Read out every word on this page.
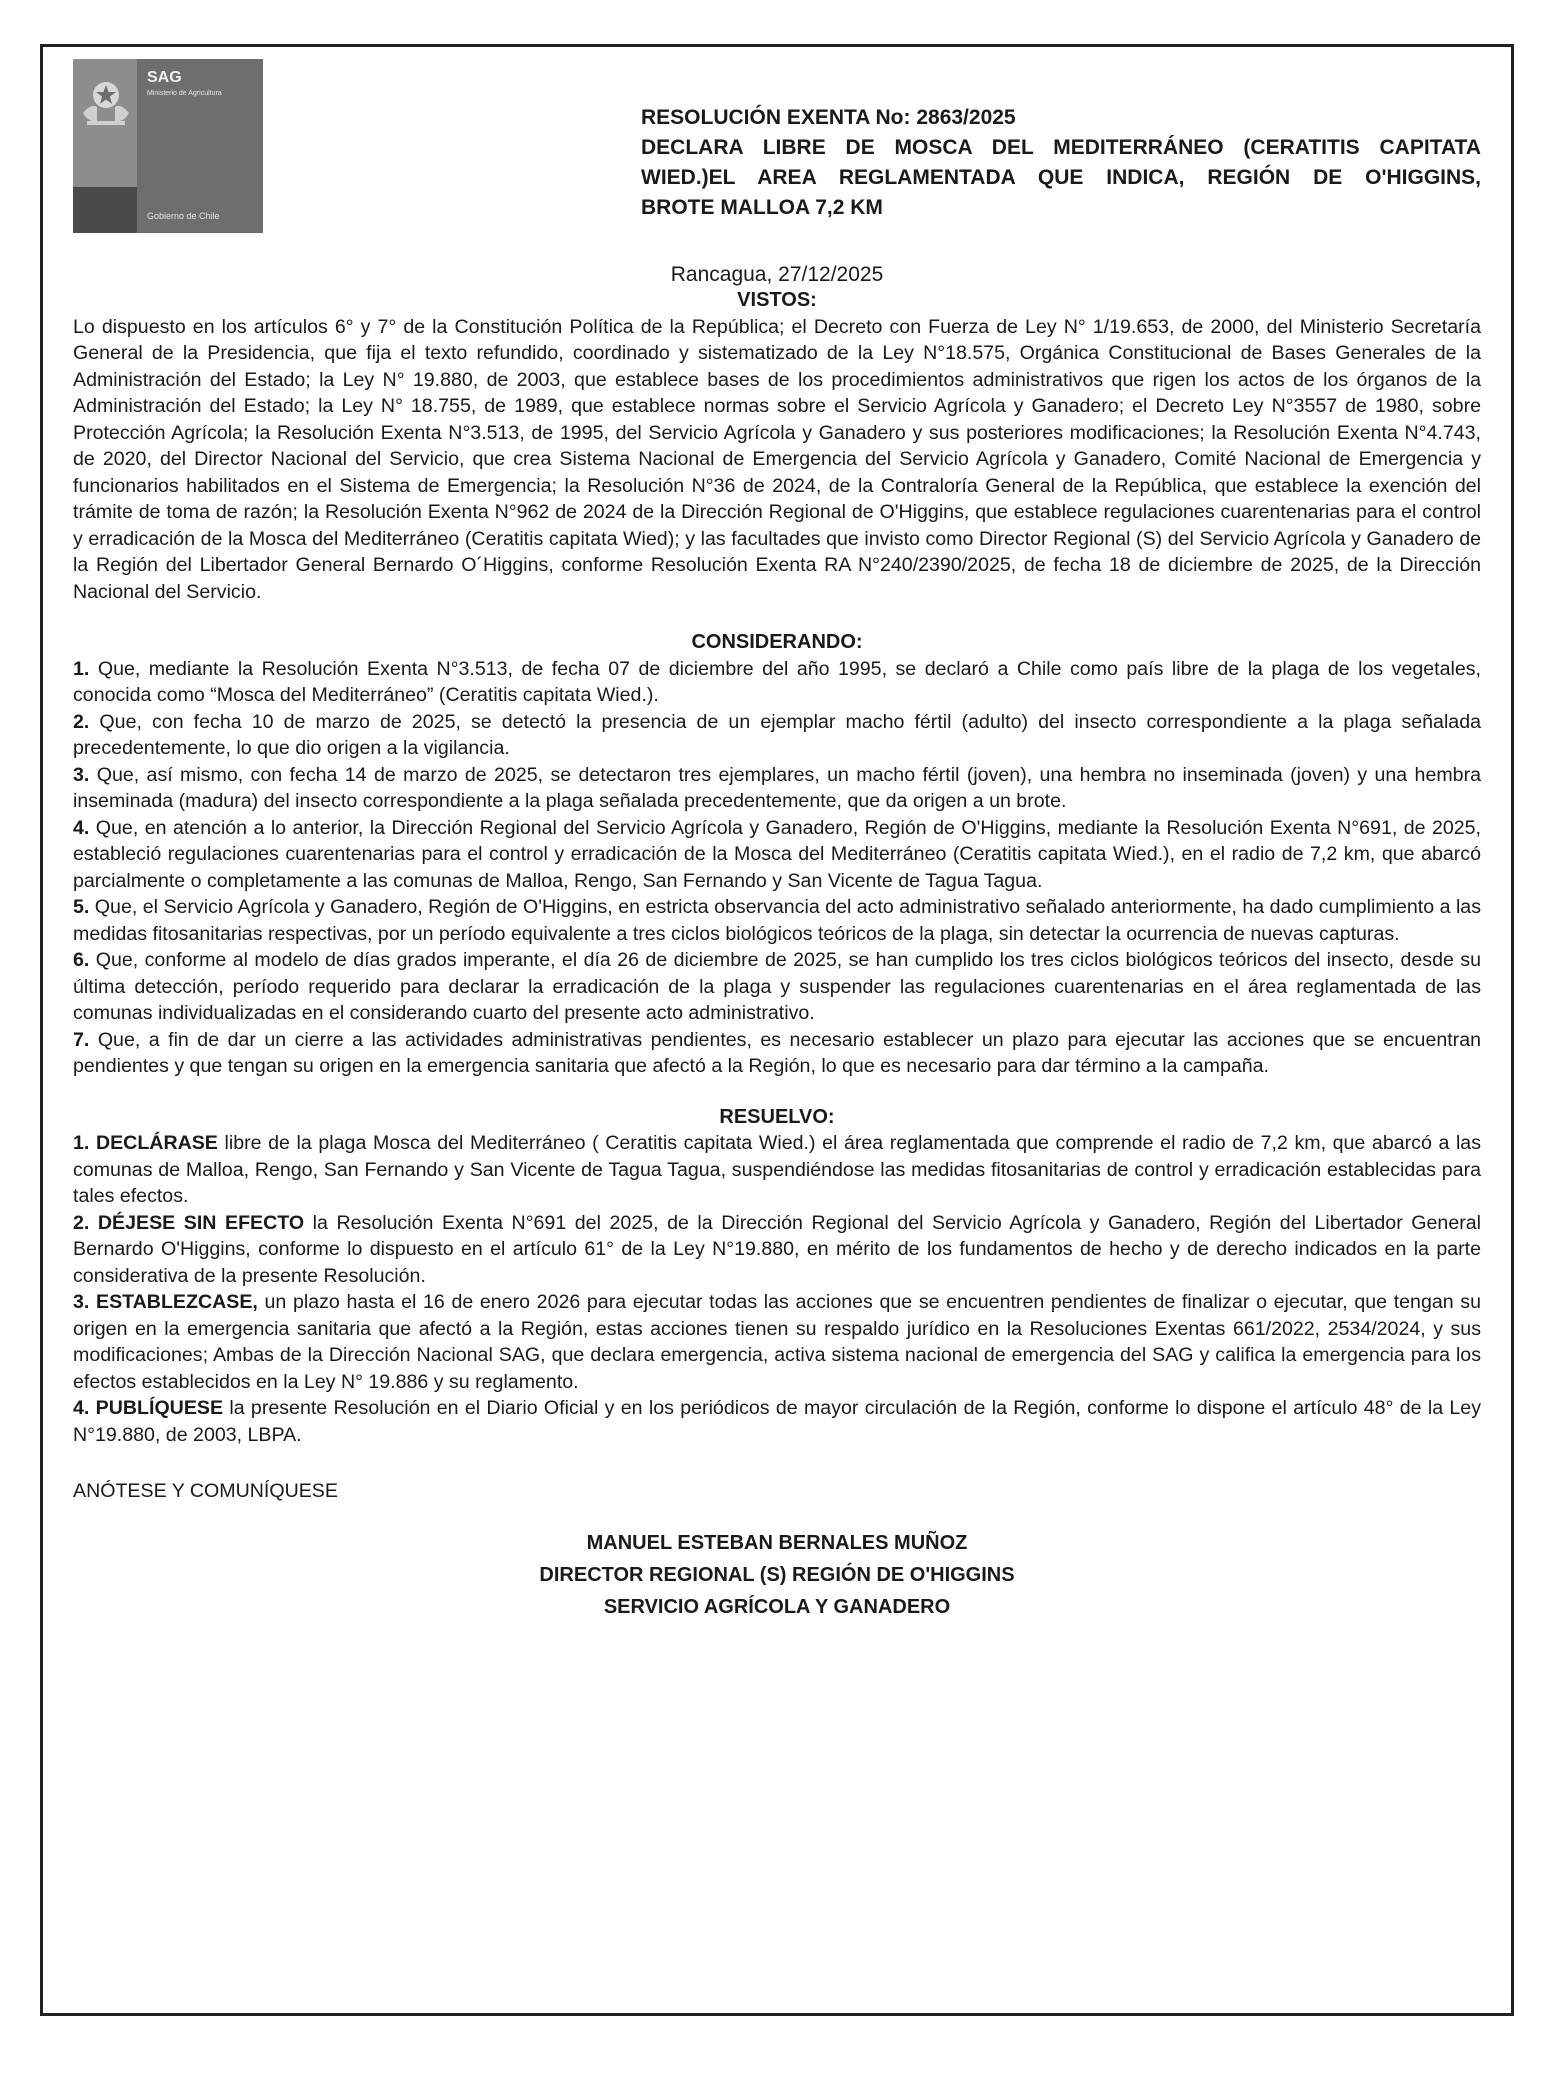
SAG
Ministerio de Agricultura
Gobierno de Chile
RESOLUCIÓN EXENTA No: 2863/2025
DECLARA LIBRE DE MOSCA DEL MEDITERRÁNEO (CERATITIS CAPITATA
WIED.)EL AREA REGLAMENTADA QUE INDICA, REGIÓN DE O'HIGGINS,
BROTE MALLOA 7,2 KM
Rancagua, 27/12/2025

VISTOS:

Lo dispuesto en los artículos 6° y 7° de la Constitución Política de la República; el Decreto con Fuerza de Ley N° 1/19.653, de 2000, del Ministerio Secretaría General de la Presidencia, que fija el texto refundido, coordinado y sistematizado de la Ley N°18.575, Orgánica Constitucional de Bases Generales de la Administración del Estado; la Ley N° 19.880, de 2003, que establece bases de los procedimientos administrativos que rigen los actos de los órganos de la Administración del Estado; la Ley N° 18.755, de 1989, que establece normas sobre el Servicio Agrícola y Ganadero; el Decreto Ley N°3557 de 1980, sobre Protección Agrícola; la Resolución Exenta N°3.513, de 1995, del Servicio Agrícola y Ganadero y sus posteriores modificaciones; la Resolución Exenta N°4.743, de 2020, del Director Nacional del Servicio, que crea Sistema Nacional de Emergencia del Servicio Agrícola y Ganadero, Comité Nacional de Emergencia y funcionarios habilitados en el Sistema de Emergencia; la Resolución N°36 de 2024, de la Contraloría General de la República, que establece la exención del trámite de toma de razón; la Resolución Exenta N°962 de 2024 de la Dirección Regional de O'Higgins, que establece regulaciones cuarentenarias para el control y erradicación de la Mosca del Mediterráneo (Ceratitis capitata Wied); y las facultades que invisto como Director Regional (S) del Servicio Agrícola y Ganadero de la Región del Libertador General Bernardo O´Higgins, conforme Resolución Exenta RA N°240/2390/2025, de fecha 18 de diciembre de 2025, de la Dirección Nacional del Servicio.

CONSIDERANDO:

1. Que, mediante la Resolución Exenta N°3.513, de fecha 07 de diciembre del año 1995, se declaró a Chile como país libre de la plaga de los vegetales, conocida como “Mosca del Mediterráneo” (Ceratitis capitata Wied.).

2. Que, con fecha 10 de marzo de 2025, se detectó la presencia de un ejemplar macho fértil (adulto) del insecto correspondiente a la plaga señalada precedentemente, lo que dio origen a la vigilancia.

3. Que, así mismo, con fecha 14 de marzo de 2025, se detectaron tres ejemplares, un macho fértil (joven), una hembra no inseminada (joven) y una hembra inseminada (madura) del insecto correspondiente a la plaga señalada precedentemente, que da origen a un brote.

4. Que, en atención a lo anterior, la Dirección Regional del Servicio Agrícola y Ganadero, Región de O'Higgins, mediante la Resolución Exenta N°691, de 2025, estableció regulaciones cuarentenarias para el control y erradicación de la Mosca del Mediterráneo (Ceratitis capitata Wied.), en el radio de 7,2 km, que abarcó parcialmente o completamente a las comunas de Malloa, Rengo, San Fernando y San Vicente de Tagua Tagua.

5. Que, el Servicio Agrícola y Ganadero, Región de O'Higgins, en estricta observancia del acto administrativo señalado anteriormente, ha dado cumplimiento a las medidas fitosanitarias respectivas, por un período equivalente a tres ciclos biológicos teóricos de la plaga, sin detectar la ocurrencia de nuevas capturas.

6. Que, conforme al modelo de días grados imperante, el día 26 de diciembre de 2025, se han cumplido los tres ciclos biológicos teóricos del insecto, desde su última detección, período requerido para declarar la erradicación de la plaga y suspender las regulaciones cuarentenarias en el área reglamentada de las comunas individualizadas en el considerando cuarto del presente acto administrativo.

7. Que, a fin de dar un cierre a las actividades administrativas pendientes, es necesario establecer un plazo para ejecutar las acciones que se encuentran pendientes y que tengan su origen en la emergencia sanitaria que afectó a la Región, lo que es necesario para dar término a la campaña.

RESUELVO:

1. DECLÁRASE libre de la plaga Mosca del Mediterráneo ( Ceratitis capitata Wied.) el área reglamentada que comprende el radio de 7,2 km, que abarcó a las comunas de Malloa, Rengo, San Fernando y San Vicente de Tagua Tagua, suspendiéndose las medidas fitosanitarias de control y erradicación establecidas para tales efectos.

2. DÉJESE SIN EFECTO la Resolución Exenta N°691 del 2025, de la Dirección Regional del Servicio Agrícola y Ganadero, Región del Libertador General Bernardo O'Higgins, conforme lo dispuesto en el artículo 61° de la Ley N°19.880, en mérito de los fundamentos de hecho y de derecho indicados en la parte considerativa de la presente Resolución.

3. ESTABLEZCASE, un plazo hasta el 16 de enero 2026 para ejecutar todas las acciones que se encuentren pendientes de finalizar o ejecutar, que tengan su origen en la emergencia sanitaria que afectó a la Región, estas acciones tienen su respaldo jurídico en la Resoluciones Exentas 661/2022, 2534/2024, y sus modificaciones; Ambas de la Dirección Nacional SAG, que declara emergencia, activa sistema nacional de emergencia del SAG y califica la emergencia para los efectos establecidos en la Ley N° 19.886 y su reglamento.

4. PUBLÍQUESE la presente Resolución en el Diario Oficial y en los periódicos de mayor circulación de la Región, conforme lo dispone el artículo 48° de la Ley N°19.880, de 2003, LBPA.

ANÓTESE Y COMUNÍQUESE

MANUEL ESTEBAN BERNALES MUÑOZ
DIRECTOR REGIONAL (S) REGIÓN DE O'HIGGINS
SERVICIO AGRÍCOLA Y GANADERO
